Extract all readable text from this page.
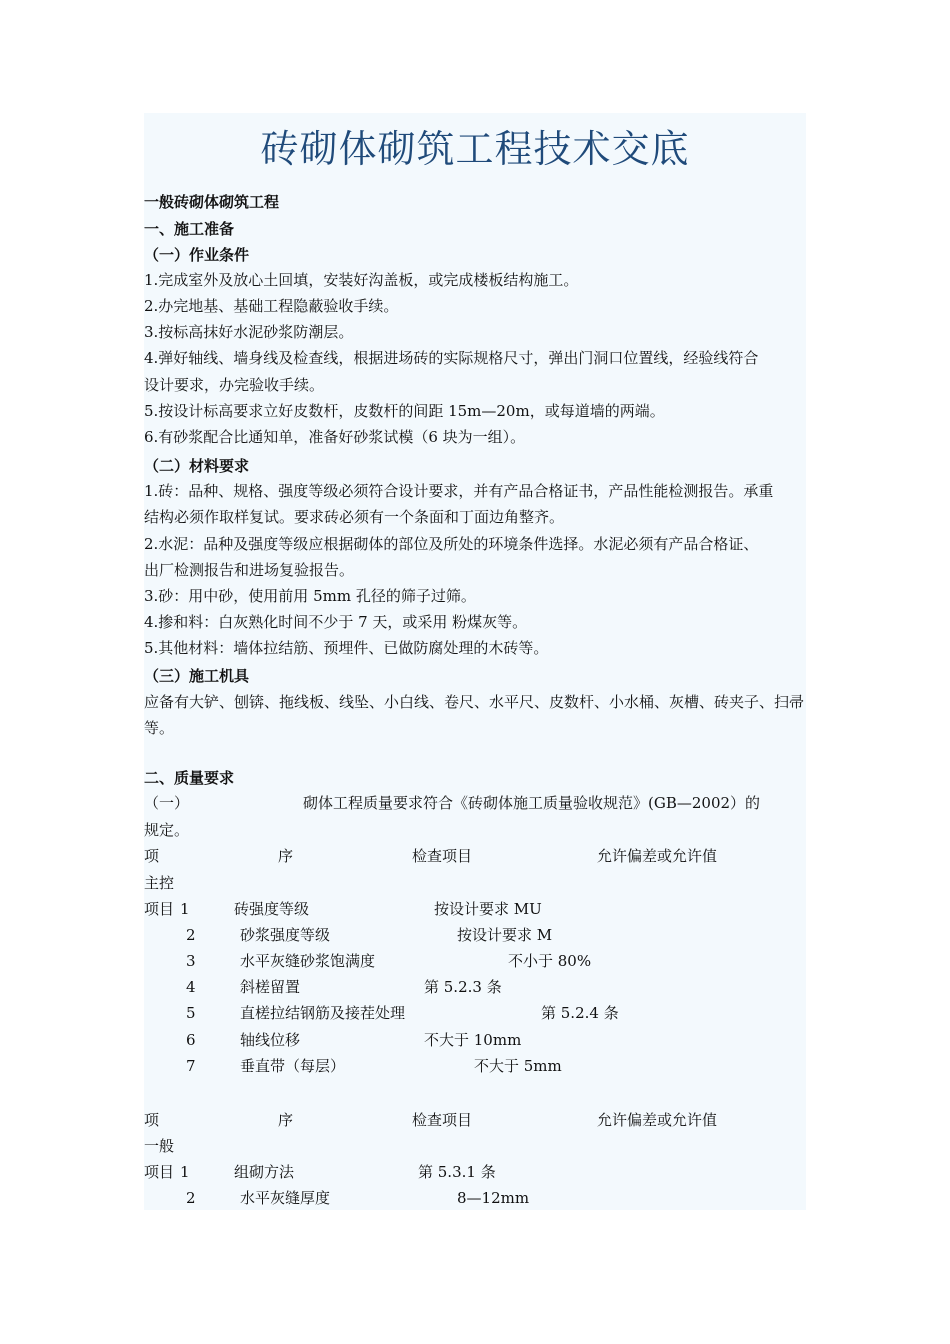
砖砌体砌筑工程技术交底
一般砖砌体砌筑工程
一、施工准备
（一）作业条件
1.完成室外及放心土回填，安装好沟盖板，或完成楼板结构施工。
2.办完地基、基础工程隐蔽验收手续。
3.按标高抹好水泥砂浆防潮层。
4.弹好轴线、墙身线及检查线，根据进场砖的实际规格尺寸，弹出门洞口位置线，经验线符合
设计要求，办完验收手续。
5.按设计标高要求立好皮数杆，皮数杆的间距 15m—20m，或每道墙的两端。
6.有砂浆配合比通知单，准备好砂浆试模（6 块为一组）。
（二）材料要求
1.砖：品种、规格、强度等级必须符合设计要求，并有产品合格证书，产品性能检测报告。承重
结构必须作取样复试。要求砖必须有一个条面和丁面边角整齐。
2.水泥：品种及强度等级应根据砌体的部位及所处的环境条件选择。水泥必须有产品合格证、
出厂检测报告和进场复验报告。
3.砂：用中砂，使用前用 5mm 孔径的筛子过筛。
4.掺和料：白灰熟化时间不少于 7 天，或采用 粉煤灰等。
5.其他材料：墙体拉结筋、预埋件、已做防腐处理的木砖等。
（三）施工机具
应备有大铲、刨锛、拖线板、线坠、小白线、卷尺、水平尺、皮数杆、小水桶、灰槽、砖夹子、扫帚
等。
二、质量要求
（一）	砌体工程质量要求符合《砖砌体施工质量验收规范》(GB—2002）的
规定。
项	序	检查项目	允许偏差或允许值
主控
项目 1	砖强度等级	按设计要求 MU
2	砂浆强度等级	按设计要求 M
3	水平灰缝砂浆饱满度	不小于 80%
4	斜槎留置	第 5.2.3 条
5	直槎拉结钢筋及接茬处理	第 5.2.4 条
6	轴线位移	不大于 10mm
7	垂直带（每层）	不大于 5mm
项	序	检查项目	允许偏差或允许值
一般
项目 1	组砌方法	第 5.3.1 条
2	水平灰缝厚度	8—12mm
